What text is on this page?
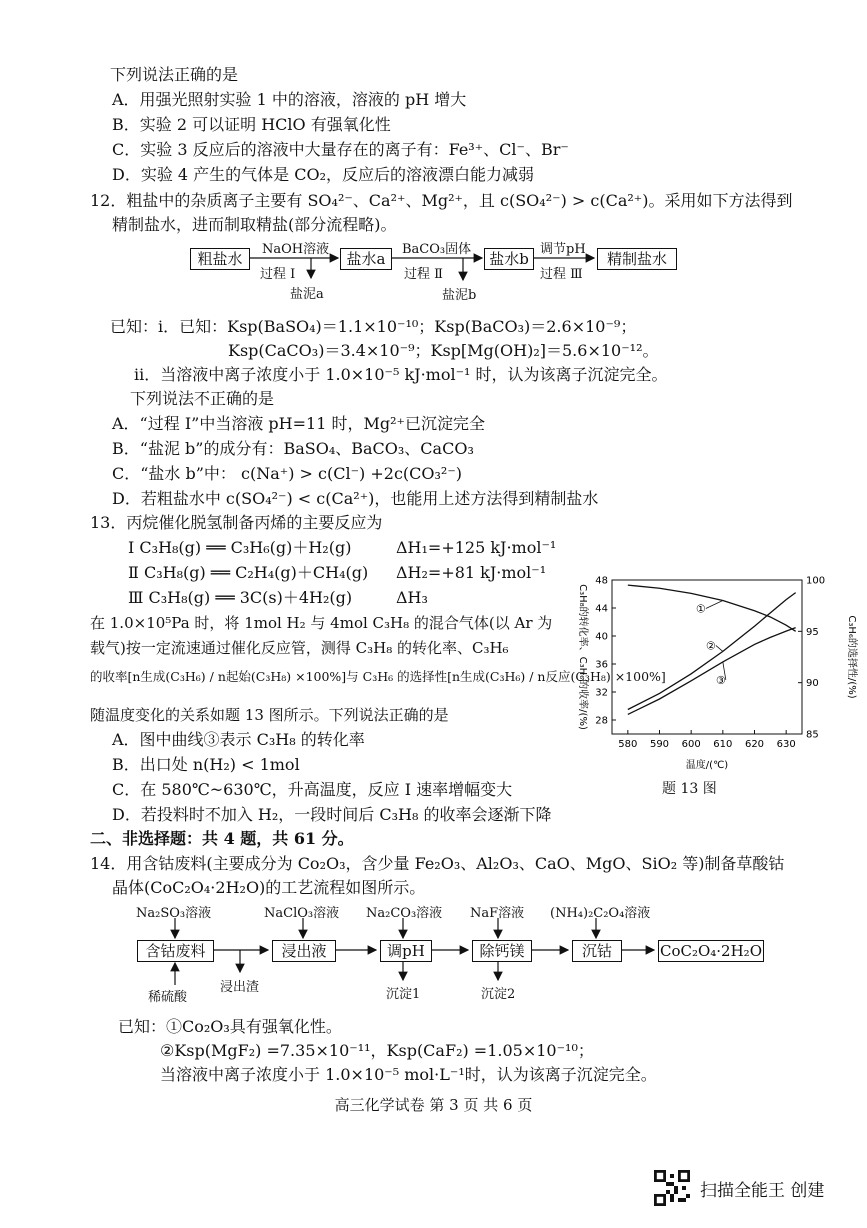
下列说法正确的是
A．用强光照射实验 1 中的溶液，溶液的 pH 增大
B．实验 2 可以证明 HClO 有强氧化性
C．实验 3 反应后的溶液中大量存在的离子有：Fe³⁺、Cl⁻、Br⁻
D．实验 4 产生的气体是 CO₂，反应后的溶液漂白能力减弱
12．粗盐中的杂质离子主要有 SO₄²⁻、Ca²⁺、Mg²⁺，且 c(SO₄²⁻) > c(Ca²⁺)。采用如下方法得到
精制盐水，进而制取精盐(部分流程略)。
粗盐水	盐水a	盐水b	精制盐水
NaOH溶液
过程 Ⅰ
盐泥a
BaCO₃固体
过程 Ⅱ
盐泥b
调节pH
过程 Ⅲ
已知：i．已知：Ksp(BaSO₄)＝1.1×10⁻¹⁰；Ksp(BaCO₃)＝2.6×10⁻⁹；
Ksp(CaCO₃)＝3.4×10⁻⁹；Ksp[Mg(OH)₂]＝5.6×10⁻¹²。
ii．当溶液中离子浓度小于 1.0×10⁻⁵ kJ·mol⁻¹ 时，认为该离子沉淀完全。
下列说法不正确的是
A．“过程 Ⅰ”中当溶液 pH=11 时，Mg²⁺已沉淀完全
B．“盐泥 b”的成分有：BaSO₄、BaCO₃、CaCO₃
C．“盐水 b”中： c(Na⁺) > c(Cl⁻) +2c(CO₃²⁻)
D．若粗盐水中 c(SO₄²⁻) < c(Ca²⁺)，也能用上述方法得到精制盐水
13．丙烷催化脱氢制备丙烯的主要反应为
Ⅰ C₃H₈(g) ══ C₃H₆(g)＋H₂(g)	ΔH₁=+125 kJ·mol⁻¹
Ⅱ C₃H₈(g) ══ C₂H₄(g)＋CH₄(g) ΔH₂=+81 kJ·mol⁻¹
Ⅲ C₃H₈(g) ══ 3C(s)＋4H₂(g)	ΔH₃
在 1.0×10⁵Pa 时，将 1mol H₂ 与 4mol C₃H₈ 的混合气体(以 Ar 为
载气)按一定流速通过催化反应管，测得 C₃H₈ 的转化率、C₃H₆
的收率[n生成(C₃H₆) / n起始(C₃H₈) ×100%]与 C₃H₆ 的选择性[n生成(C₃H₆) / n反应(C₃H₈) ×100%]
随温度变化的关系如题 13 图所示。下列说法正确的是
A．图中曲线③表示 C₃H₈ 的转化率
B．出口处 n(H₂) < 1mol
C．在 580℃~630℃，升高温度，反应 Ⅰ 速率增幅变大
D．若投料时不加入 H₂，一段时间后 C₃H₈ 的收率会逐渐下降
580 590 600 610 620 630
28
32
36
40
44
48
85
90
95
100
①
②
③
C₃H₈的转化率、C₃H₆的收率/(%)	C₃H₆的选择性/(%)
温度/(℃)
题 13 图
二、非选择题：共 4 题，共 61 分。
14．用含钴废料(主要成分为 Co₂O₃，含少量 Fe₂O₃、Al₂O₃、CaO、MgO、SiO₂ 等)制备草酸钴
晶体(CoC₂O₄·2H₂O)的工艺流程如图所示。
含钴废料	浸出液	调pH	除钙镁	沉钴	CoC₂O₄·2H₂O
Na₂SO₃溶液
稀硫酸
NaClO₃溶液 Na₂CO₃溶液 NaF溶液 (NH₄)₂C₂O₄溶液
浸出渣	沉淀1	沉淀2
已知：①Co₂O₃具有强氧化性。
②Ksp(MgF₂) =7.35×10⁻¹¹，Ksp(CaF₂) =1.05×10⁻¹⁰；
当溶液中离子浓度小于 1.0×10⁻⁵ mol·L⁻¹时，认为该离子沉淀完全。
高三化学试卷 第 3 页 共 6 页
扫描全能王 创建
